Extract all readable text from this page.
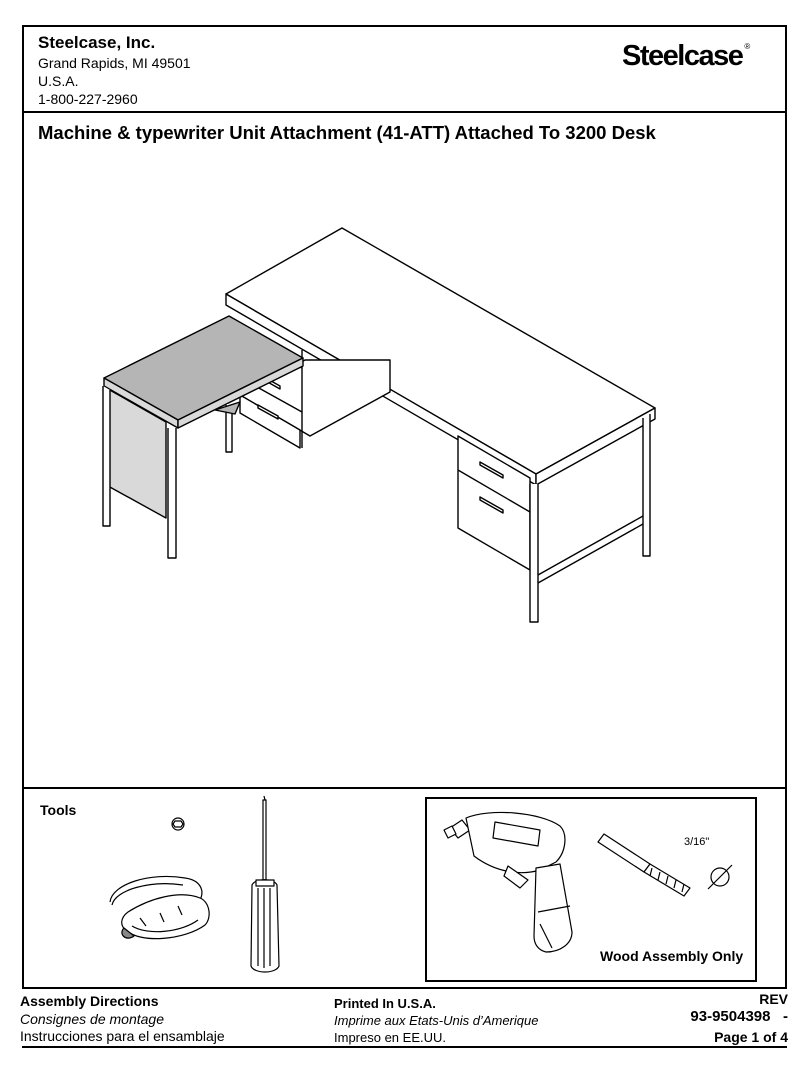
Steelcase, Inc.
Grand Rapids, MI 49501
U.S.A.
1-800-227-2960
Steelcase ®
Machine & typewriter Unit Attachment (41-ATT) Attached To 3200 Desk
Tools
3/16"
Wood Assembly Only
Assembly Directions
Consignes de montage
Instrucciones para el ensamblaje
Printed In U.S.A.
Imprime aux Etats-Unis d’Amerique
Impreso en EE.UU.
REV
93-9504398 -
Page 1 of 4
